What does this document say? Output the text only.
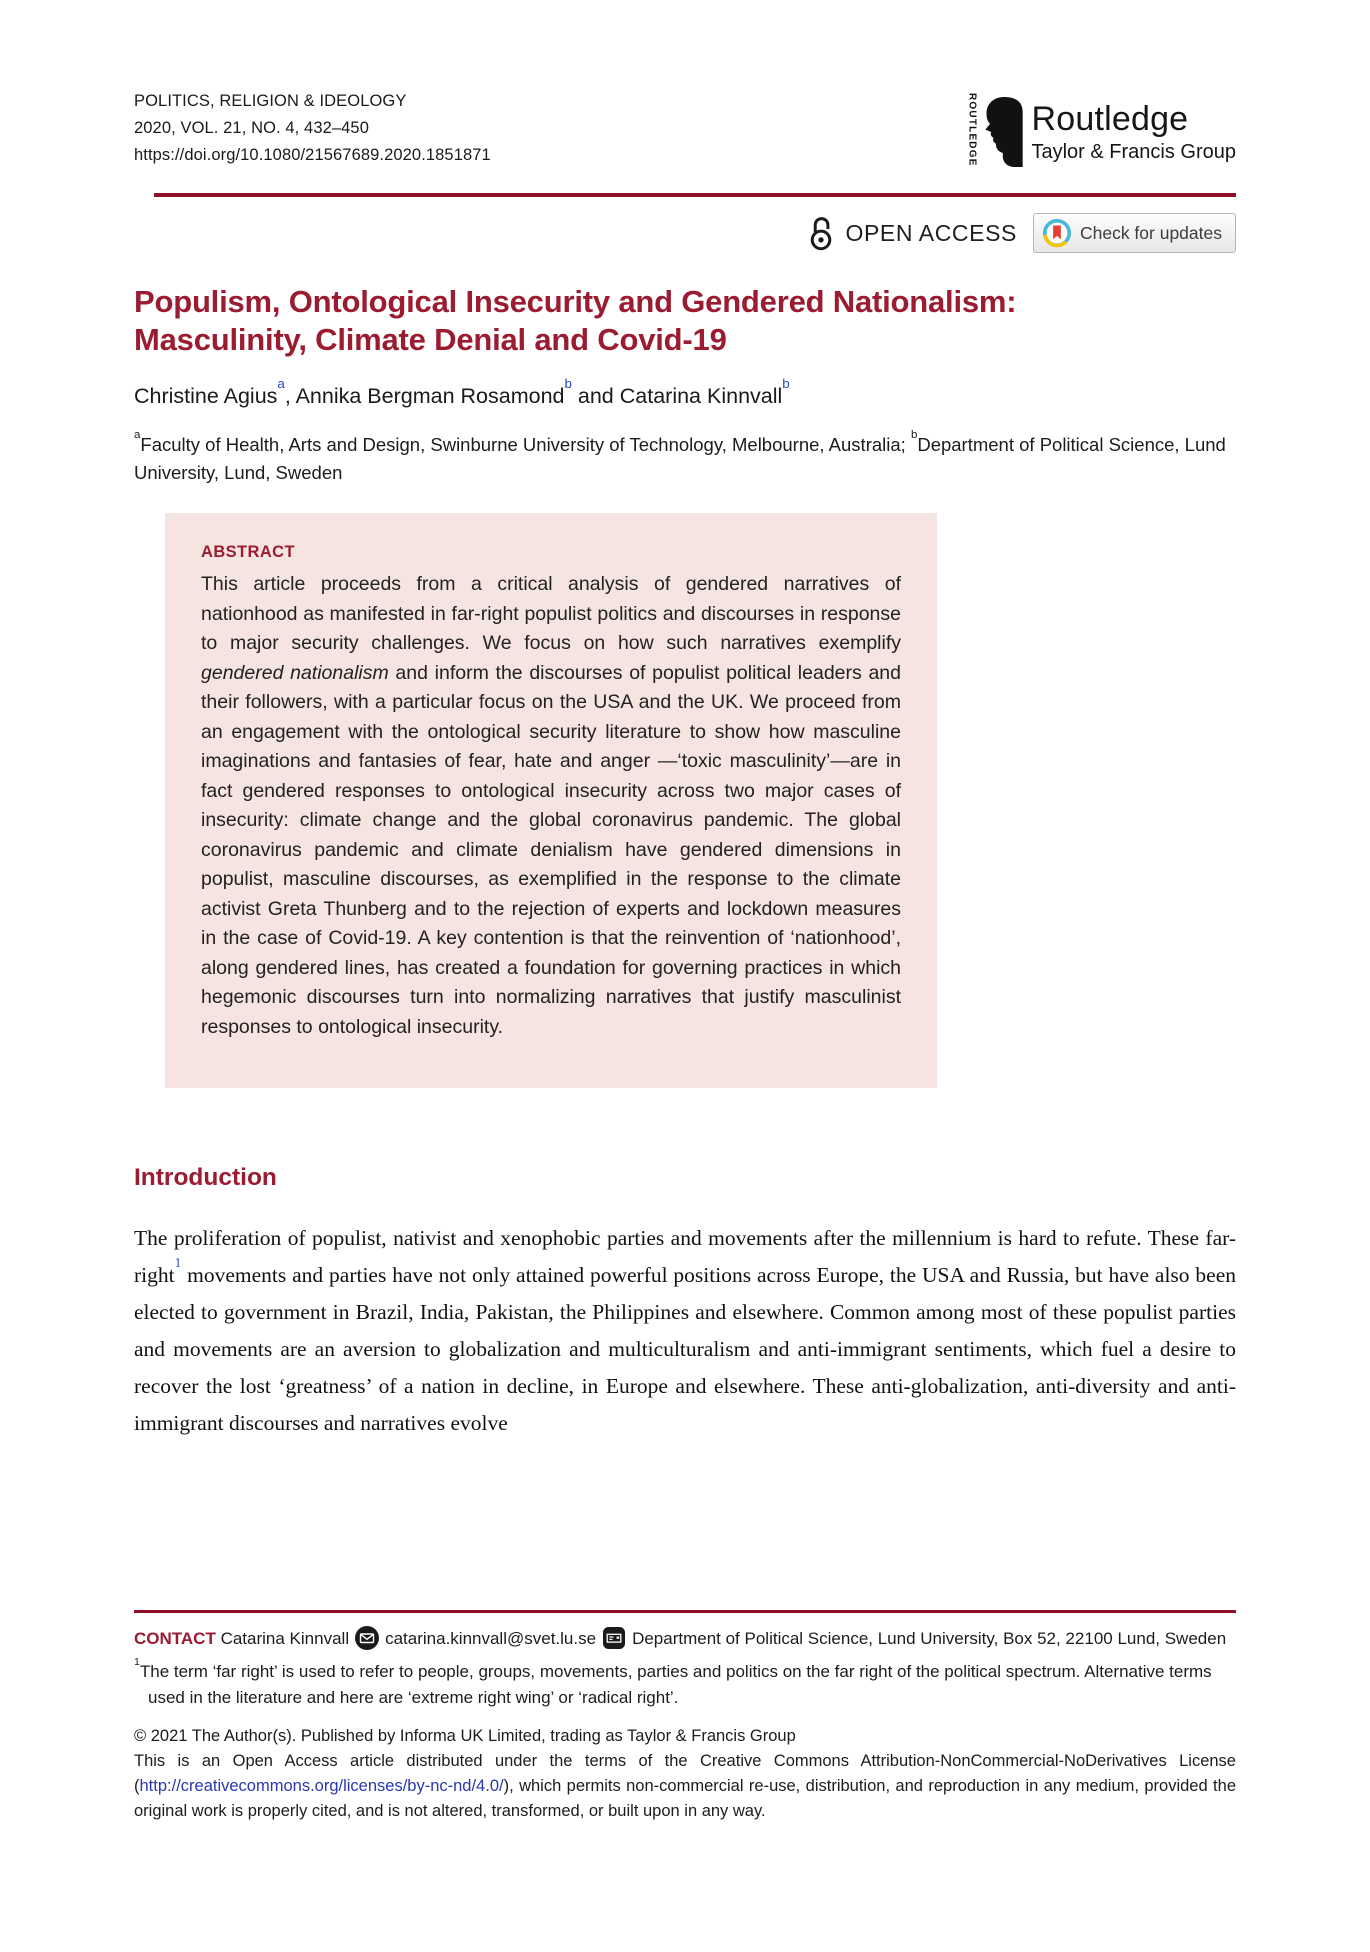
POLITICS, RELIGION & IDEOLOGY
2020, VOL. 21, NO. 4, 432–450
https://doi.org/10.1080/21567689.2020.1851871	ROUTLEDGE Routledge
Taylor & Francis Group
OPEN ACCESS	Check for updates
Populism, Ontological Insecurity and Gendered Nationalism:
Masculinity, Climate Denial and Covid-19
Christine Agius$^a$, Annika Bergman Rosamond$^b$ and Catarina Kinnvall$^b$
$^a$Faculty of Health, Arts and Design, Swinburne University of Technology, Melbourne, Australia; $^b$Department of Political Science, Lund University, Lund, Sweden
ABSTRACT

This article proceeds from a critical analysis of gendered narratives of nationhood as manifested in far-right populist politics and discourses in response to major security challenges. We focus on how such narratives exemplify gendered nationalism and inform the discourses of populist political leaders and their followers, with a particular focus on the USA and the UK. We proceed from an engagement with the ontological security literature to show how masculine imaginations and fantasies of fear, hate and anger —‘toxic masculinity’—are in fact gendered responses to ontological insecurity across two major cases of insecurity: climate change and the global coronavirus pandemic. The global coronavirus pandemic and climate denialism have gendered dimensions in populist, masculine discourses, as exemplified in the response to the climate activist Greta Thunberg and to the rejection of experts and lockdown measures in the case of Covid-19. A key contention is that the reinvention of ‘nationhood’, along gendered lines, has created a foundation for governing practices in which hegemonic discourses turn into normalizing narratives that justify masculinist responses to ontological insecurity.

Introduction

The proliferation of populist, nativist and xenophobic parties and movements after the millennium is hard to refute. These far-right$^1$ movements and parties have not only attained powerful positions across Europe, the USA and Russia, but have also been elected to government in Brazil, India, Pakistan, the Philippines and elsewhere. Common among most of these populist parties and movements are an aversion to globalization and multiculturalism and anti-immigrant sentiments, which fuel a desire to recover the lost ‘greatness’ of a nation in decline, in Europe and elsewhere. These anti-globalization, anti-diversity and anti-immigrant discourses and narratives evolve

CONTACT Catarina Kinnvall catarina.kinnvall@svet.lu.se Department of Political Science, Lund University, Box 52, 22100 Lund, Sweden

$^1$The term ‘far right’ is used to refer to people, groups, movements, parties and politics on the far right of the political spectrum. Alternative terms used in the literature and here are ‘extreme right wing’ or ‘radical right’.

© 2021 The Author(s). Published by Informa UK Limited, trading as Taylor & Francis Group

This is an Open Access article distributed under the terms of the Creative Commons Attribution-NonCommercial-NoDerivatives License (http://creativecommons.org/licenses/by-nc-nd/4.0/), which permits non-commercial re-use, distribution, and reproduction in any medium, provided the original work is properly cited, and is not altered, transformed, or built upon in any way.
